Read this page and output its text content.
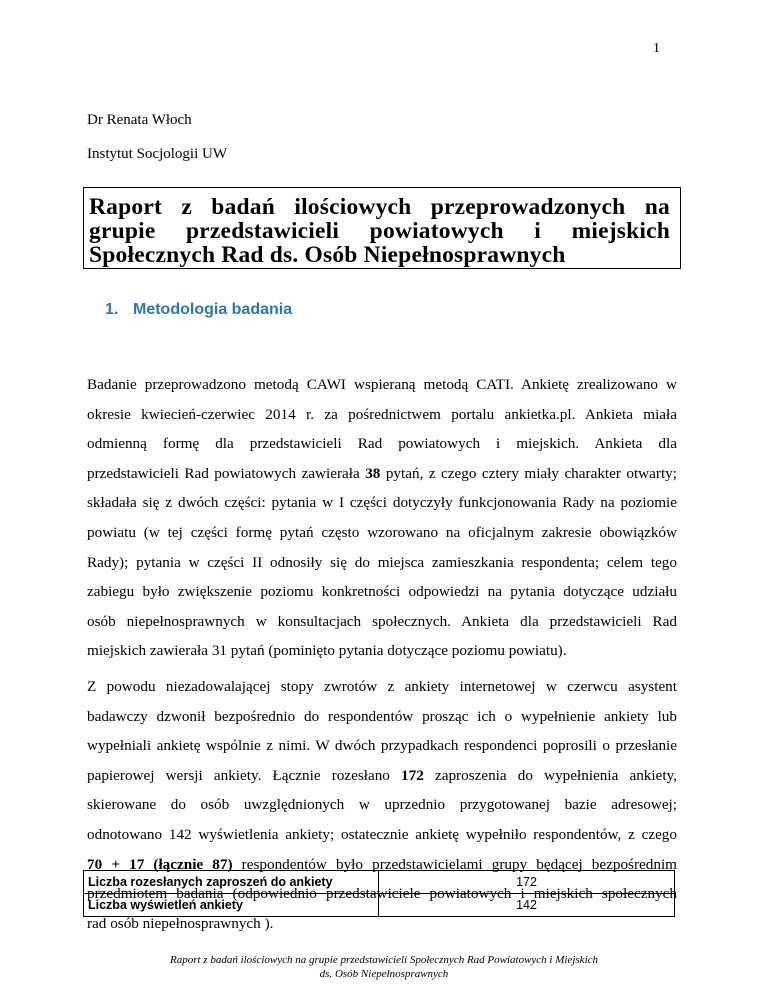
1
Dr Renata Włoch
Instytut Socjologii UW
Raport z badań ilościowych przeprowadzonych na
grupie przedstawicieli powiatowych i miejskich
Społecznych Rad ds. Osób Niepełnosprawnych
1. Metodologia badania
Badanie przeprowadzono metodą CAWI wspieraną metodą CATI. Ankietę zrealizowano w
okresie kwiecień-czerwiec 2014 r. za pośrednictwem portalu ankietka.pl. Ankieta miała
odmienną formę dla przedstawicieli Rad powiatowych i miejskich. Ankieta dla
przedstawicieli Rad powiatowych zawierała 38 pytań, z czego cztery miały charakter otwarty;
składała się z dwóch części: pytania w I części dotyczyły funkcjonowania Rady na poziomie
powiatu (w tej części formę pytań często wzorowano na oficjalnym zakresie obowiązków
Rady); pytania w części II odnosiły się do miejsca zamieszkania respondenta; celem tego
zabiegu było zwiększenie poziomu konkretności odpowiedzi na pytania dotyczące udziału
osób niepełnosprawnych w konsultacjach społecznych. Ankieta dla przedstawicieli Rad
miejskich zawierała 31 pytań (pominięto pytania dotyczące poziomu powiatu).
Z powodu niezadowalającej stopy zwrotów z ankiety internetowej w czerwcu asystent
badawczy dzwonił bezpośrednio do respondentów prosząc ich o wypełnienie ankiety lub
wypełniali ankietę wspólnie z nimi. W dwóch przypadkach respondenci poprosili o przesłanie
papierowej wersji ankiety. Łącznie rozesłano 172 zaproszenia do wypełnienia ankiety,
skierowane do osób uwzględnionych w uprzednio przygotowanej bazie adresowej;
odnotowano 142 wyświetlenia ankiety; ostatecznie ankietę wypełniło respondentów, z czego
70 + 17 (łącznie 87) respondentów było przedstawicielami grupy będącej bezpośrednim
przedmiotem badania (odpowiednio przedstawiciele powiatowych i miejskich społecznych
rad osób niepełnosprawnych ).
Liczba rozesłanych zaproszeń do ankiety	172
Liczba wyświetleń ankiety	142
Raport z badań ilościowych na grupie przedstawicieli Społecznych Rad Powiatowych i Miejskich
ds. Osób Niepełnosprawnych
